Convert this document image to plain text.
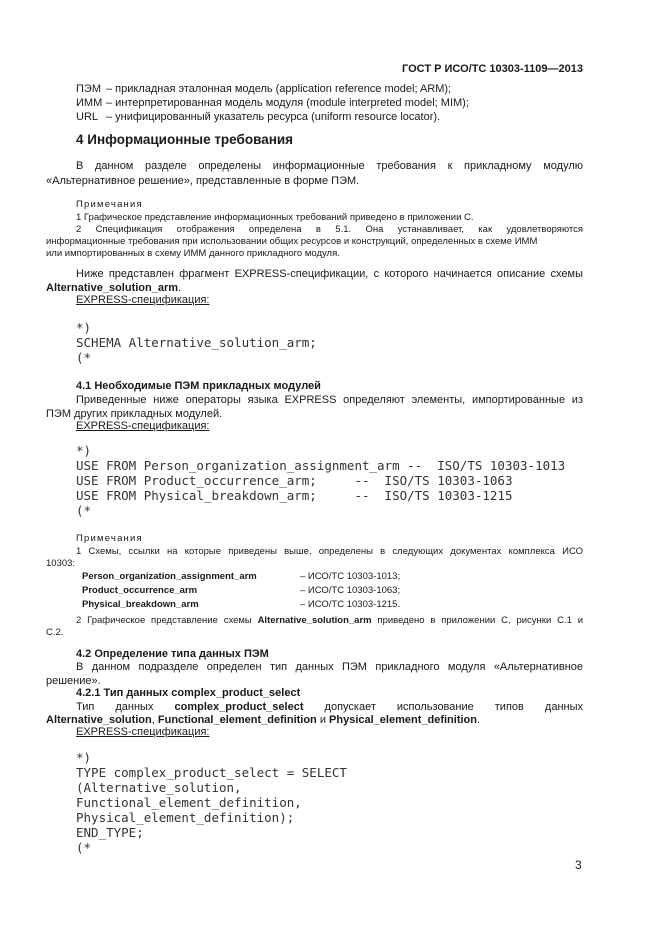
ГОСТ Р ИСО/ТС 10303-1109—2013
ПЭМ – прикладная эталонная модель (application reference model; ARM);
ИММ – интерпретированная модель модуля (module interpreted model; MIM);
URL – унифицированный указатель ресурса (uniform resource locator).
4 Информационные требования
В данном разделе определены информационные требования к прикладному модулю
«Альтернативное решение», представленные в форме ПЭМ.
Примечания
1 Графическое представление информационных требований приведено в приложении С.
2 Спецификация отображения определена в 5.1. Она устанавливает, как удовлетворяются
информационные требования при использовании общих ресурсов и конструкций, определенных в схеме ИММ
или импортированных в схему ИММ данного прикладного модуля.
Ниже представлен фрагмент EXPRESS-спецификации, с которого начинается описание схемы
Alternative_solution_arm.
EXPRESS-спецификация:
*)
SCHEMA Alternative_solution_arm;
(*
4.1 Необходимые ПЭМ прикладных модулей
Приведенные ниже операторы языка EXPRESS определяют элементы, импортированные из
ПЭМ других прикладных модулей.
EXPRESS-спецификация:
*)
USE FROM Person_organization_assignment_arm --  ISO/TS 10303-1013
USE FROM Product_occurrence_arm;     --  ISO/TS 10303-1063
USE FROM Physical_breakdown_arm;     --  ISO/TS 10303-1215
(*
Примечания
1 Схемы, ссылки на которые приведены выше, определены в следующих документах комплекса ИСО
10303:
Person_organization_assignment_arm	– ИСО/ТС 10303-1013;
Product_occurrence_arm	– ИСО/ТС 10303-1063;
Physical_breakdown_arm	– ИСО/ТС 10303-1215.
2 Графическое представление схемы Alternative_solution_arm приведено в приложении С, рисунки С.1 и
С.2.
4.2 Определение типа данных ПЭМ
В данном подразделе определен тип данных ПЭМ прикладного модуля «Альтернативное
решение».
4.2.1 Тип данных complex_product_select
Тип данных complex_product_select допускает использование типов данных
Alternative_solution, Functional_element_definition и Physical_element_definition.
EXPRESS-спецификация:
*)
TYPE complex_product_select = SELECT
(Alternative_solution,
Functional_element_definition,
Physical_element_definition);
END_TYPE;
(*
3
